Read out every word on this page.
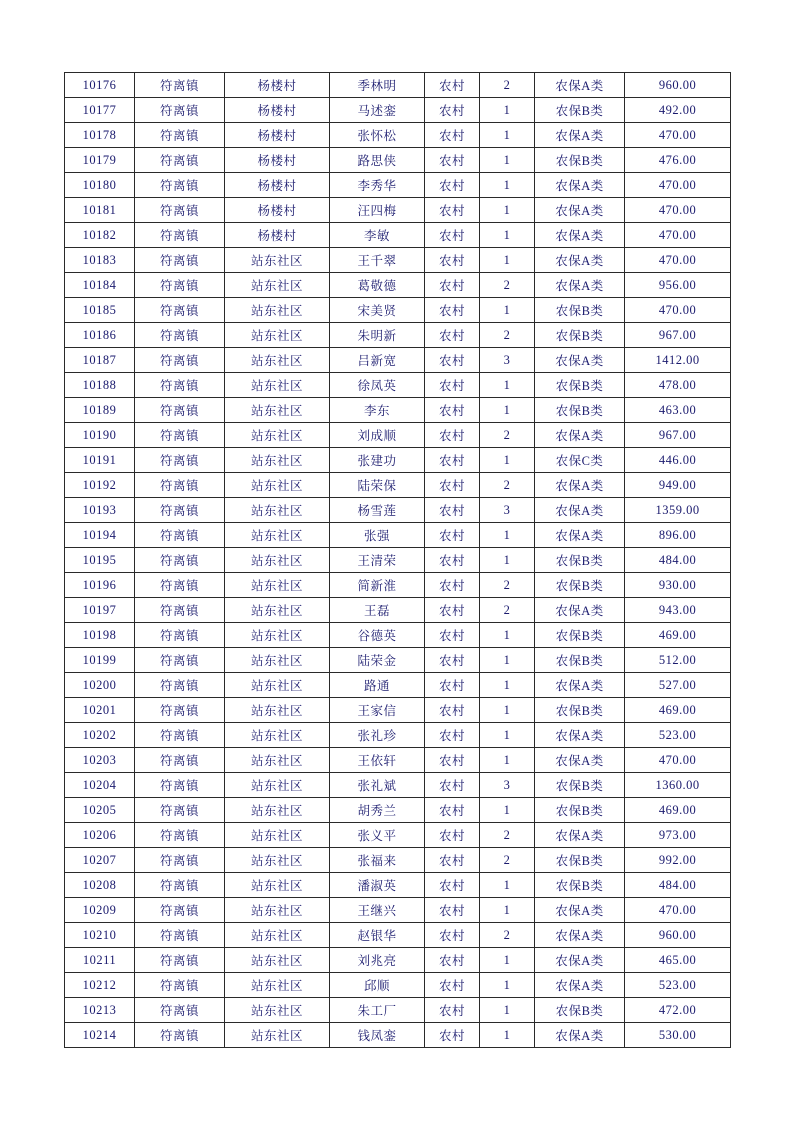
10176	符离镇	杨楼村	季林明	农村	2	农保A类	960.00
10177	符离镇	杨楼村	马述銮	农村	1	农保B类	492.00
10178	符离镇	杨楼村	张怀松	农村	1	农保A类	470.00
10179	符离镇	杨楼村	路思侠	农村	1	农保B类	476.00
10180	符离镇	杨楼村	李秀华	农村	1	农保A类	470.00
10181	符离镇	杨楼村	汪四梅	农村	1	农保A类	470.00
10182	符离镇	杨楼村	李敏	农村	1	农保A类	470.00
10183	符离镇	站东社区	王千翠	农村	1	农保A类	470.00
10184	符离镇	站东社区	葛敬德	农村	2	农保A类	956.00
10185	符离镇	站东社区	宋美贤	农村	1	农保B类	470.00
10186	符离镇	站东社区	朱明新	农村	2	农保B类	967.00
10187	符离镇	站东社区	吕新宽	农村	3	农保A类	1412.00
10188	符离镇	站东社区	徐凤英	农村	1	农保B类	478.00
10189	符离镇	站东社区	李东	农村	1	农保B类	463.00
10190	符离镇	站东社区	刘成顺	农村	2	农保A类	967.00
10191	符离镇	站东社区	张建功	农村	1	农保C类	446.00
10192	符离镇	站东社区	陆荣保	农村	2	农保A类	949.00
10193	符离镇	站东社区	杨雪莲	农村	3	农保A类	1359.00
10194	符离镇	站东社区	张强	农村	1	农保A类	896.00
10195	符离镇	站东社区	王清荣	农村	1	农保B类	484.00
10196	符离镇	站东社区	简新淮	农村	2	农保B类	930.00
10197	符离镇	站东社区	王磊	农村	2	农保A类	943.00
10198	符离镇	站东社区	谷德英	农村	1	农保B类	469.00
10199	符离镇	站东社区	陆荣金	农村	1	农保B类	512.00
10200	符离镇	站东社区	路通	农村	1	农保A类	527.00
10201	符离镇	站东社区	王家信	农村	1	农保B类	469.00
10202	符离镇	站东社区	张礼珍	农村	1	农保A类	523.00
10203	符离镇	站东社区	王依轩	农村	1	农保A类	470.00
10204	符离镇	站东社区	张礼斌	农村	3	农保B类	1360.00
10205	符离镇	站东社区	胡秀兰	农村	1	农保B类	469.00
10206	符离镇	站东社区	张义平	农村	2	农保A类	973.00
10207	符离镇	站东社区	张福来	农村	2	农保B类	992.00
10208	符离镇	站东社区	潘淑英	农村	1	农保B类	484.00
10209	符离镇	站东社区	王继兴	农村	1	农保A类	470.00
10210	符离镇	站东社区	赵银华	农村	2	农保A类	960.00
10211	符离镇	站东社区	刘兆亮	农村	1	农保A类	465.00
10212	符离镇	站东社区	邱顺	农村	1	农保A类	523.00
10213	符离镇	站东社区	朱工厂	农村	1	农保B类	472.00
10214	符离镇	站东社区	钱凤銮	农村	1	农保A类	530.00
